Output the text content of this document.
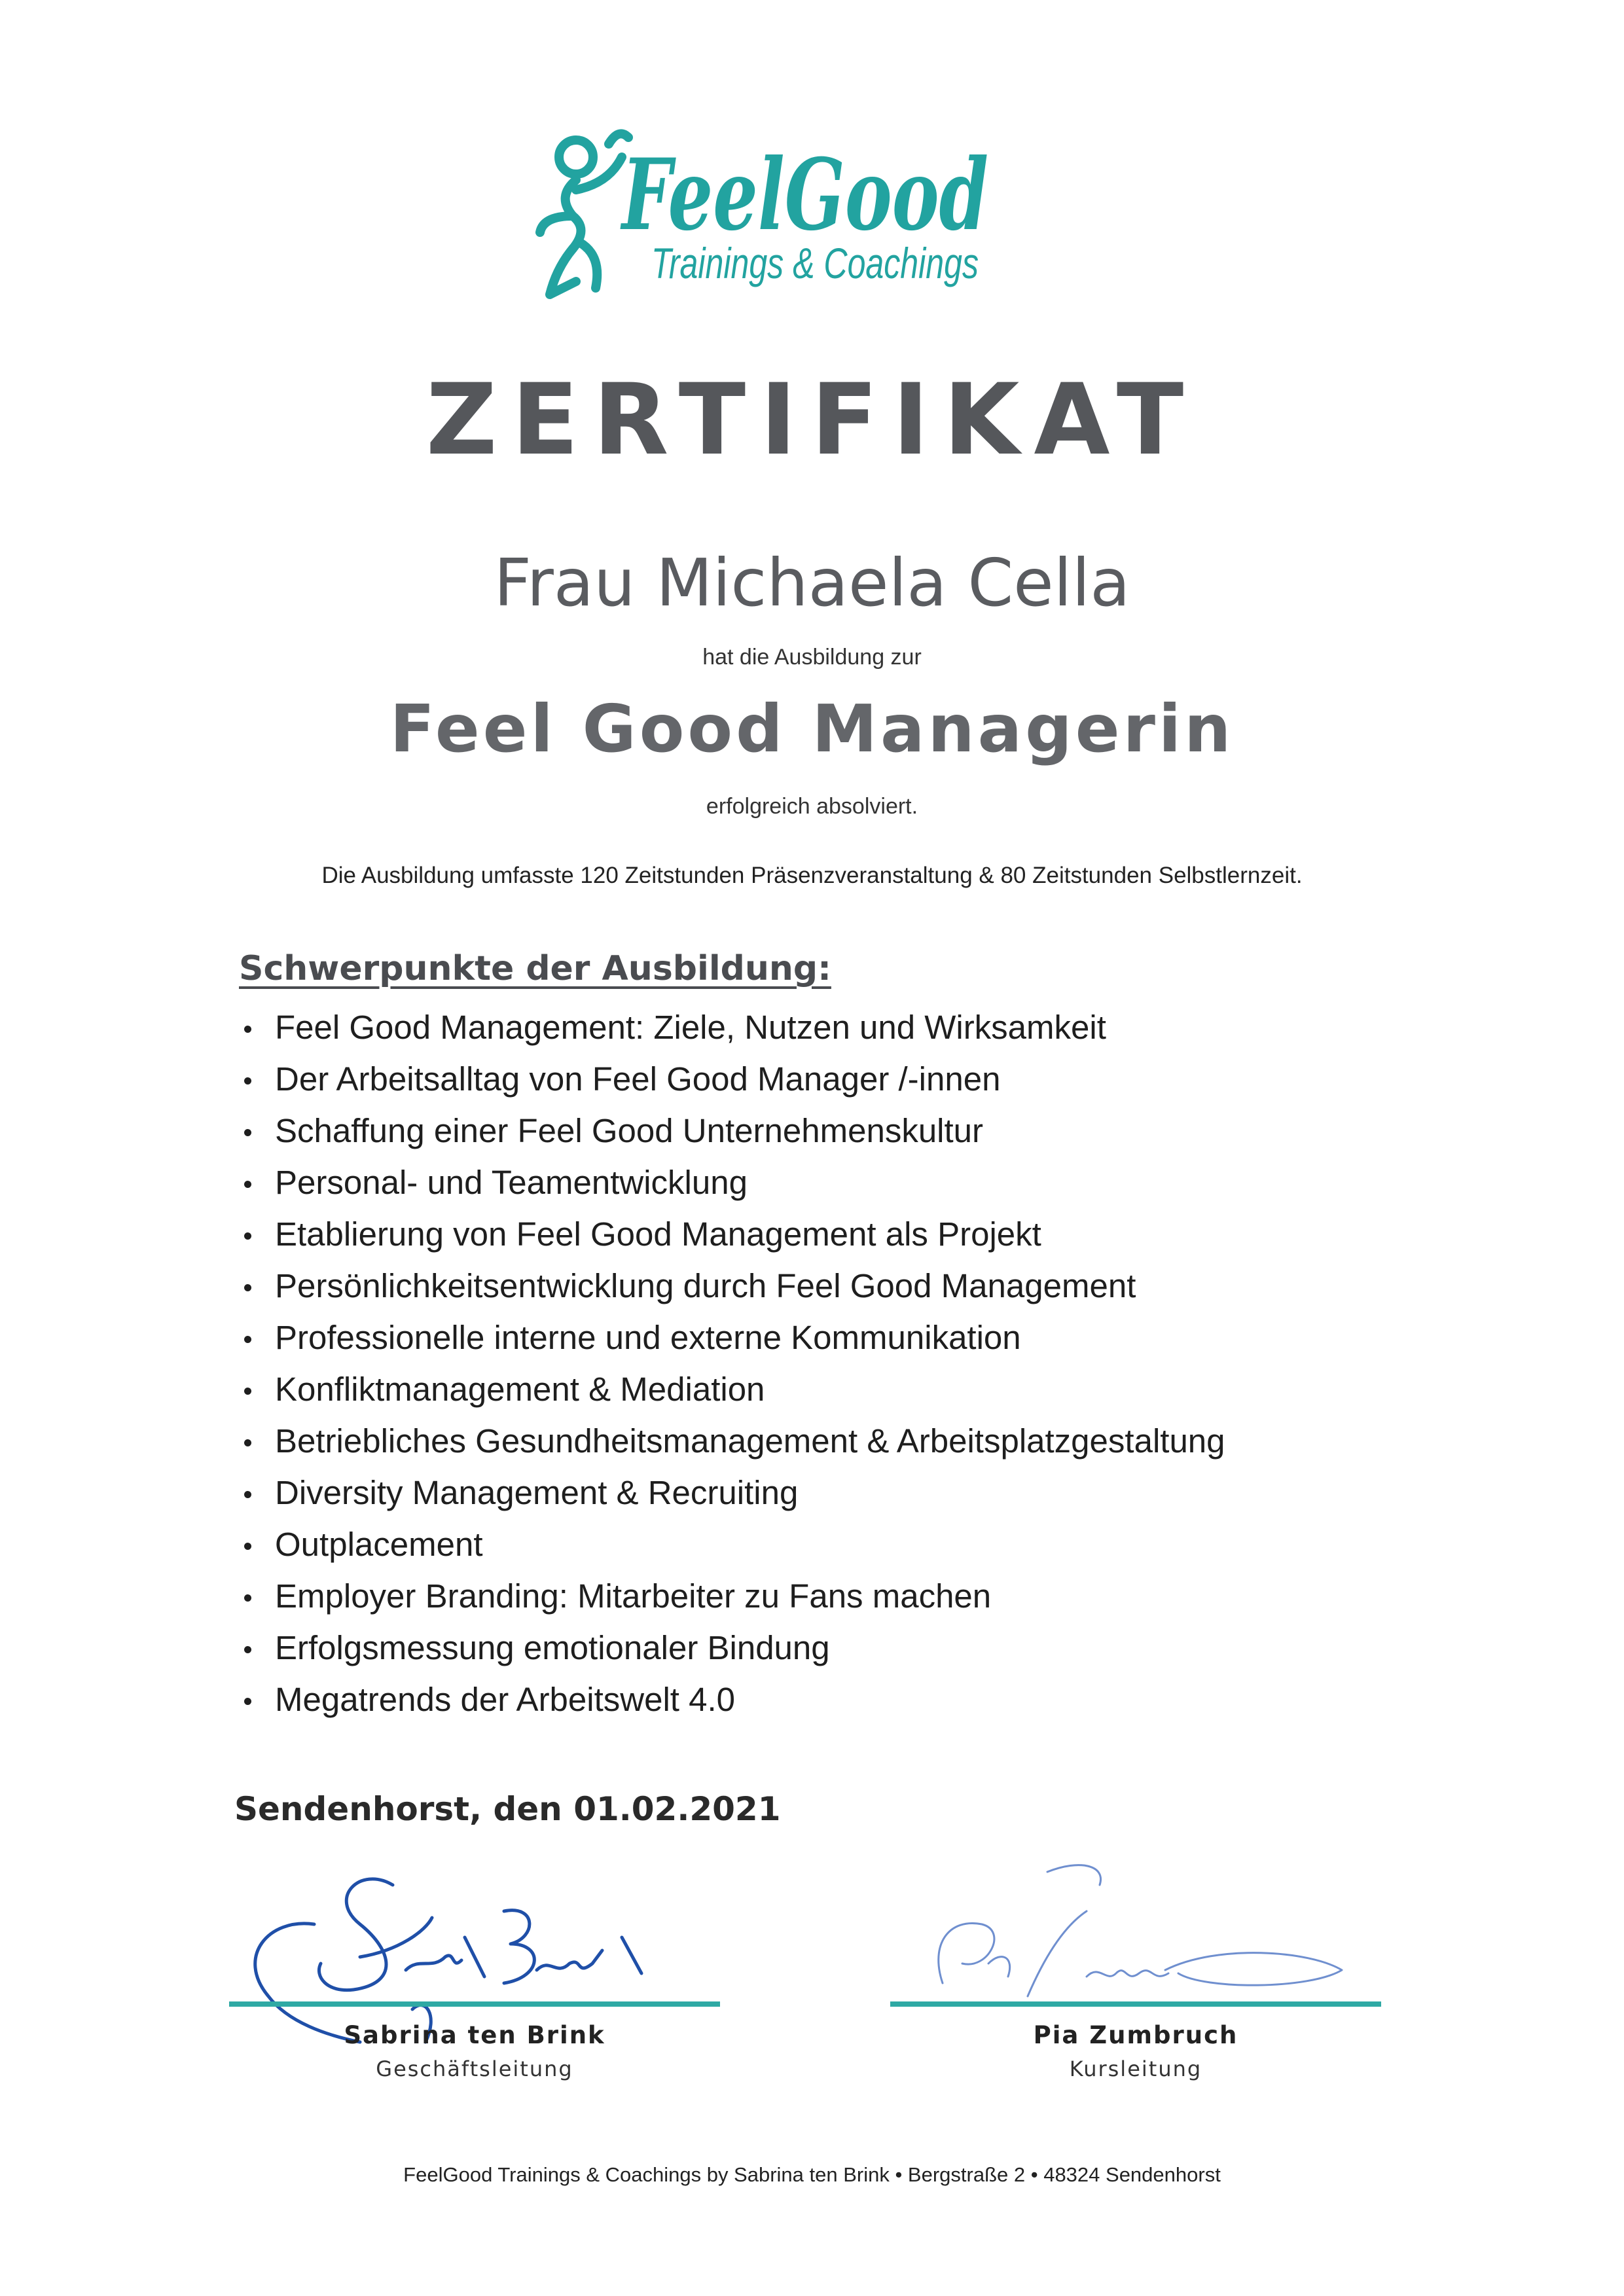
FeelGood
Trainings & Coachings
ZERTIFIKAT
Frau Michaela Cella
hat die Ausbildung zur
Feel Good Managerin
erfolgreich absolviert.
Die Ausbildung umfasste 120 Zeitstunden Präsenzveranstaltung & 80 Zeitstunden Selbstlernzeit.
Schwerpunkte der Ausbildung:
Feel Good Management: Ziele, Nutzen und Wirksamkeit
Der Arbeitsalltag von Feel Good Manager /-innen
Schaffung einer Feel Good Unternehmenskultur
Personal- und Teamentwicklung
Etablierung von Feel Good Management als Projekt
Persönlichkeitsentwicklung durch Feel Good Management
Professionelle interne und externe Kommunikation
Konfliktmanagement & Mediation
Betriebliches Gesundheitsmanagement & Arbeitsplatzgestaltung
Diversity Management & Recruiting
Outplacement
Employer Branding: Mitarbeiter zu Fans machen
Erfolgsmessung emotionaler Bindung
Megatrends der Arbeitswelt 4.0
Sendenhorst, den 01.02.2021
Sabrina ten Brink
Geschäftsleitung
Pia Zumbruch
Kursleitung
FeelGood Trainings & Coachings by Sabrina ten Brink • Bergstraße 2 • 48324 Sendenhorst
